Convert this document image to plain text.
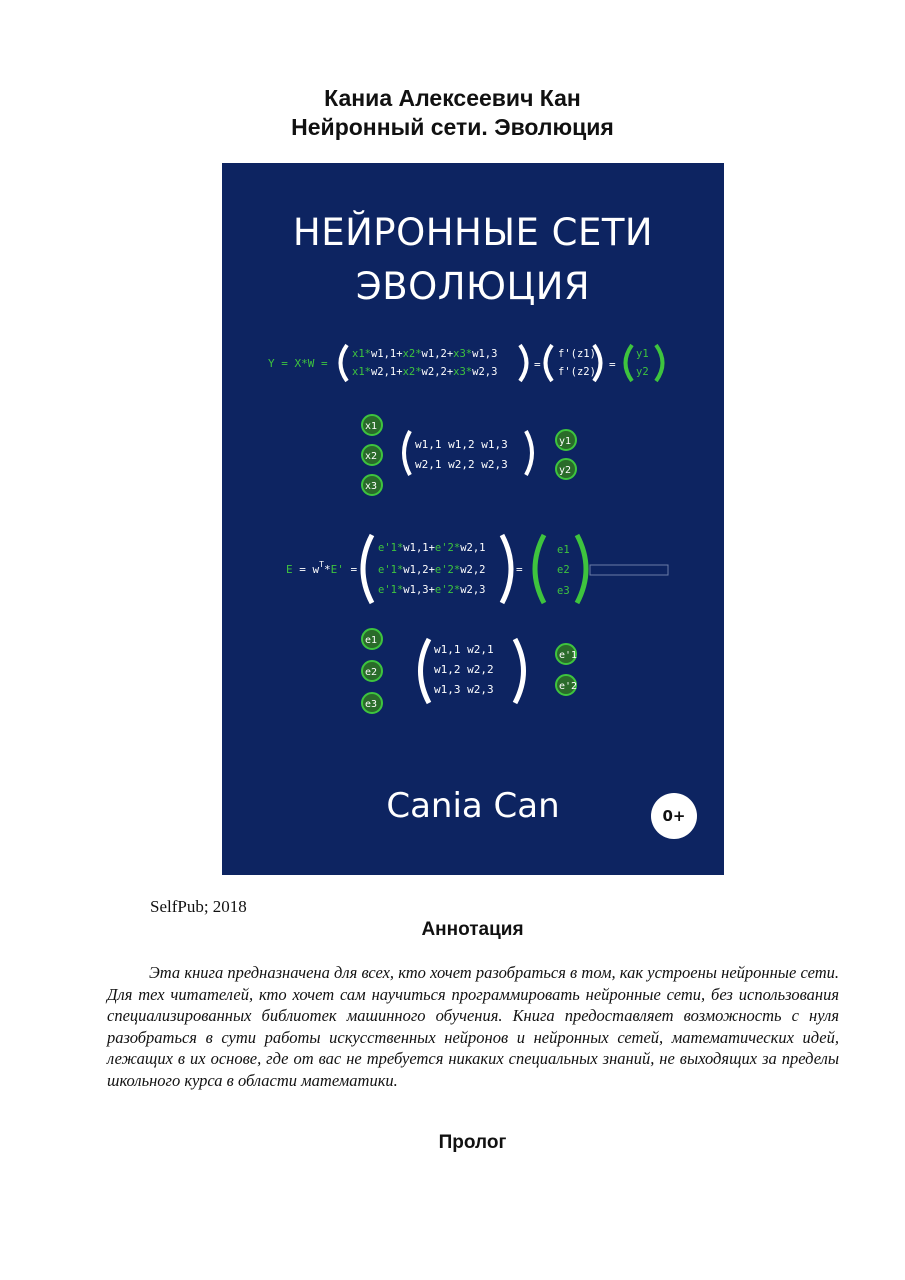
Каниа Алексеевич Кан
Нейронный сети. Эволюция
НЕЙРОННЫЕ СЕТИ
ЭВОЛЮЦИЯ
Y = X*W =
x1*w1,1+x2*w1,2+x3*w1,3
x1*w2,1+x2*w2,2+x3*w2,3
=
f'(z1)
f'(z2)
=
y1
y2
x1
x2
x3
w1,1 w1,2 w1,3
w2,1 w2,2 w2,3
y1
y2
$E = w^T*E'$ =
e'1*w1,1+e'2*w2,1
e'1*w1,2+e'2*w2,2
e'1*w1,3+e'2*w2,3
=
e1
e2
e3
e1
e2
e3
w1,1 w2,1
w1,2 w2,2
w1,3 w2,3
e'1
e'2
Cania Can	0+
SelfPub; 2018
Аннотация

Эта книга предназначена для всех, кто хочет разобраться в том, как устроены нейронные сети. Для тех читателей, кто хочет сам научиться программировать нейронные сети, без использования специализированных библиотек машинного обучения. Книга предоставляет возможность с нуля разобраться в сути работы искусственных нейронов и нейронных сетей, математических идей, лежащих в их основе, где от вас не требуется никаких специальных знаний, не выходящих за пределы школьного курса в области математики.

Пролог
